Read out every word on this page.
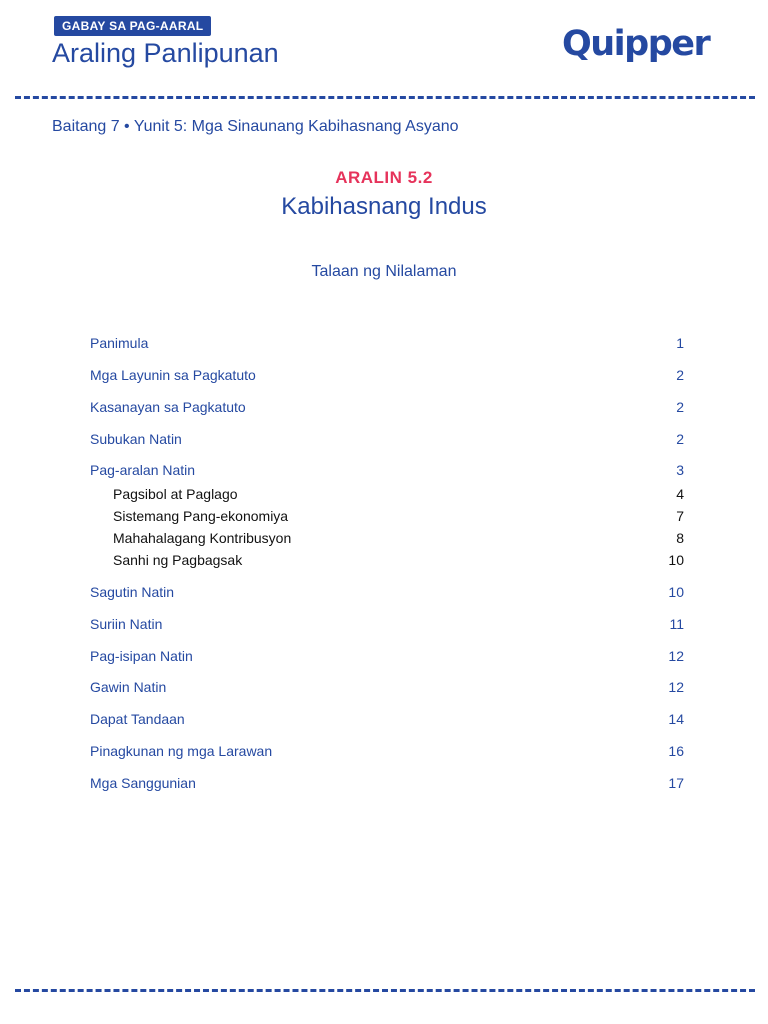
GABAY SA PAG-AARAL
Araling Panlipunan	Quipper
Baitang 7 • Yunit 5: Mga Sinaunang Kabihasnang Asyano
ARALIN 5.2
Kabihasnang Indus
Talaan ng Nilalaman
Panimula	1
Mga Layunin sa Pagkatuto	2
Kasanayan sa Pagkatuto	2
Subukan Natin	2
Pag-aralan Natin	3
Pagsibol at Paglago	4
Sistemang Pang-ekonomiya	7
Mahahalagang Kontribusyon	8
Sanhi ng Pagbagsak	10
Sagutin Natin	10
Suriin Natin	11
Pag-isipan Natin	12
Gawin Natin	12
Dapat Tandaan	14
Pinagkunan ng mga Larawan	16
Mga Sanggunian	17
